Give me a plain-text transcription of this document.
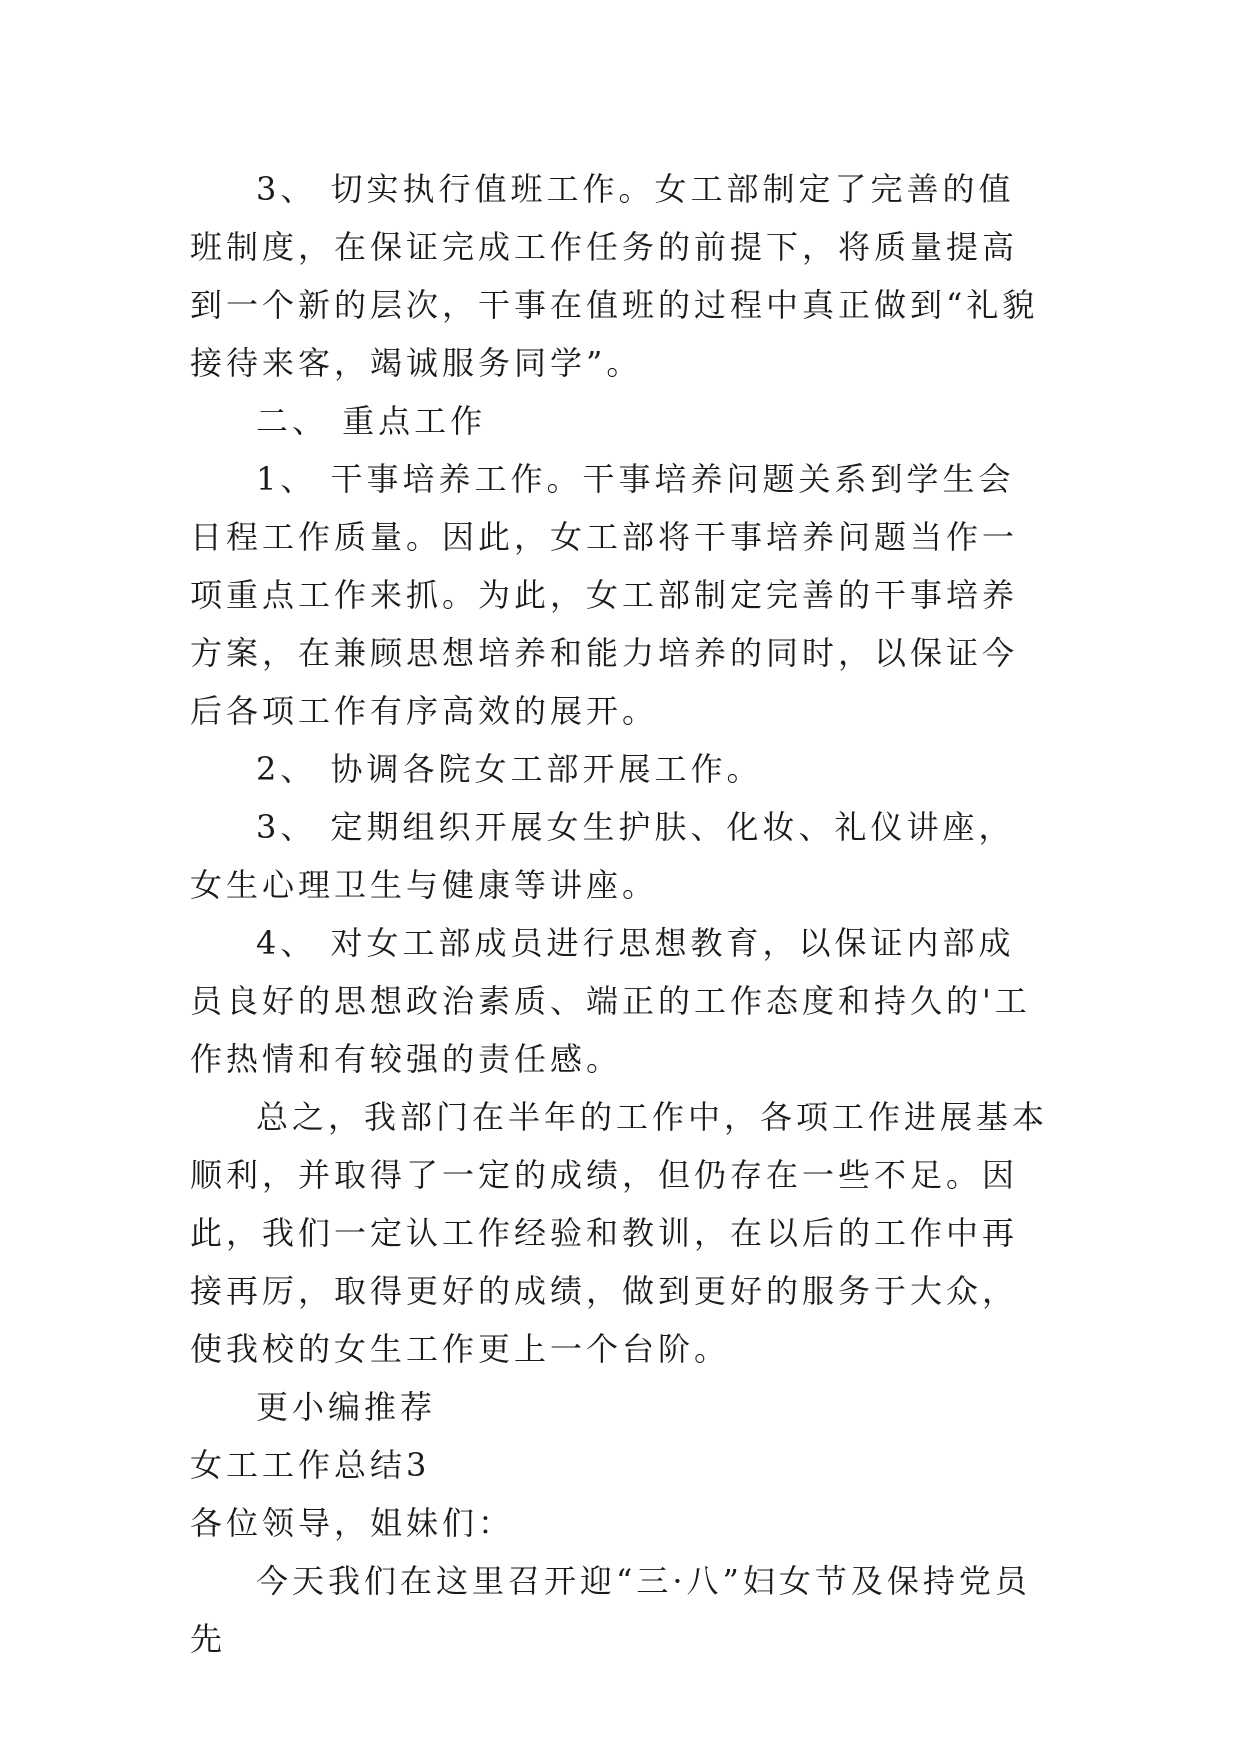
3、 切实执行值班工作。女工部制定了完善的值班制度，在保证完成工作任务的前提下，将质量提高到一个新的层次，干事在值班的过程中真正做到“礼貌接待来客，竭诚服务同学”。

二、 重点工作

1、 干事培养工作。干事培养问题关系到学生会日程工作质量。因此，女工部将干事培养问题当作一项重点工作来抓。为此，女工部制定完善的干事培养方案，在兼顾思想培养和能力培养的同时，以保证今后各项工作有序高效的展开。

2、 协调各院女工部开展工作。

3、 定期组织开展女生护肤、化妆、礼仪讲座，女生心理卫生与健康等讲座。

4、 对女工部成员进行思想教育，以保证内部成员良好的思想政治素质、端正的工作态度和持久的'工作热情和有较强的责任感。

总之，我部门在半年的工作中，各项工作进展基本顺利，并取得了一定的成绩，但仍存在一些不足。因此，我们一定认工作经验和教训，在以后的工作中再接再厉，取得更好的成绩，做到更好的服务于大众，使我校的女生工作更上一个台阶。

更小编推荐

女工工作总结3

各位领导，姐妹们：

今天我们在这里召开迎“三·八”妇女节及保持党员先
